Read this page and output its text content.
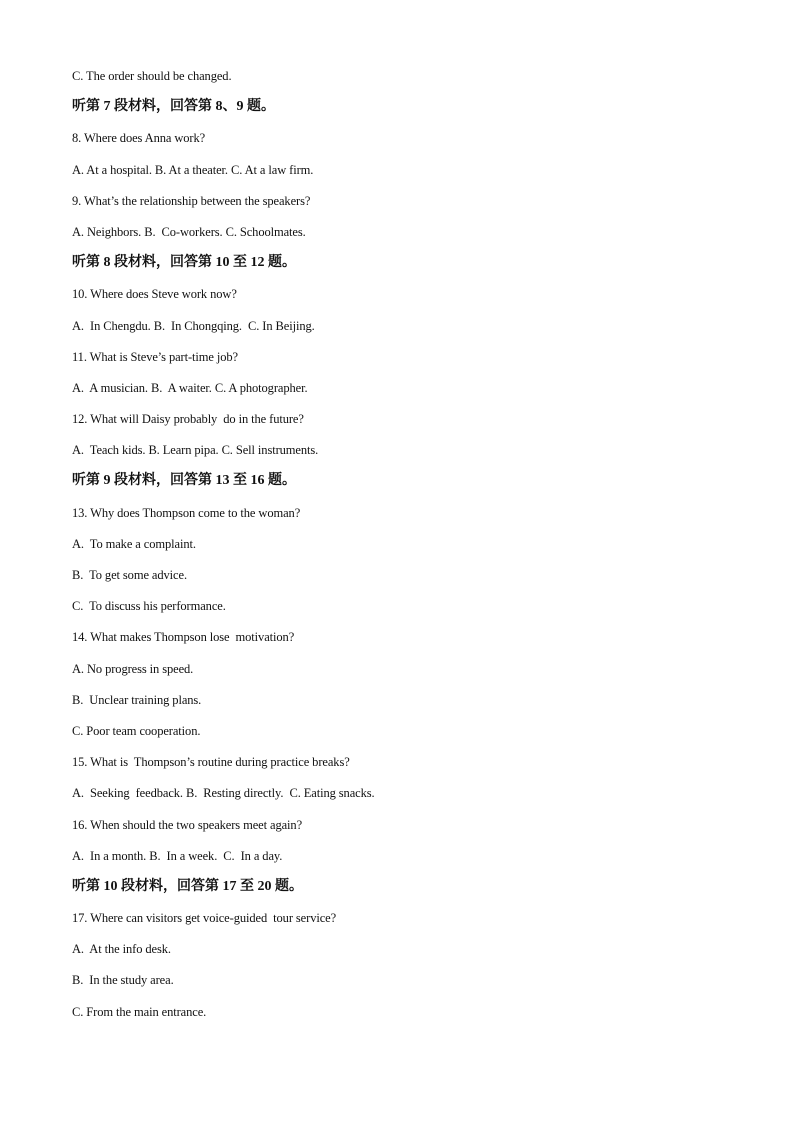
C. The order should be changed.
听第 7 段材料，回答第 8、9 题。
8. Where does Anna work?
A. At a hospital. B. At a theater. C. At a law firm.
9. What’s the relationship between the speakers?
A. Neighbors. B.  Co-workers. C. Schoolmates.
听第 8 段材料，回答第 10 至 12 题。
10. Where does Steve work now?
A.  In Chengdu. B.  In Chongqing.  C. In Beijing.
11. What is Steve’s part-time job?
A.  A musician. B.  A waiter. C. A photographer.
12. What will Daisy probably  do in the future?
A.  Teach kids. B. Learn pipa. C. Sell instruments.
听第 9 段材料，回答第 13 至 16 题。
13. Why does Thompson come to the woman?
A.  To make a complaint.
B.  To get some advice.
C.  To discuss his performance.
14. What makes Thompson lose  motivation?
A. No progress in speed.
B.  Unclear training plans.
C. Poor team cooperation.
15. What is  Thompson’s routine during practice breaks?
A.  Seeking  feedback. B.  Resting directly.  C. Eating snacks.
16. When should the two speakers meet again?
A.  In a month. B.  In a week.  C.  In a day.
听第 10 段材料，回答第 17 至 20 题。
17. Where can visitors get voice-guided  tour service?
A.  At the info desk.
B.  In the study area.
C. From the main entrance.
